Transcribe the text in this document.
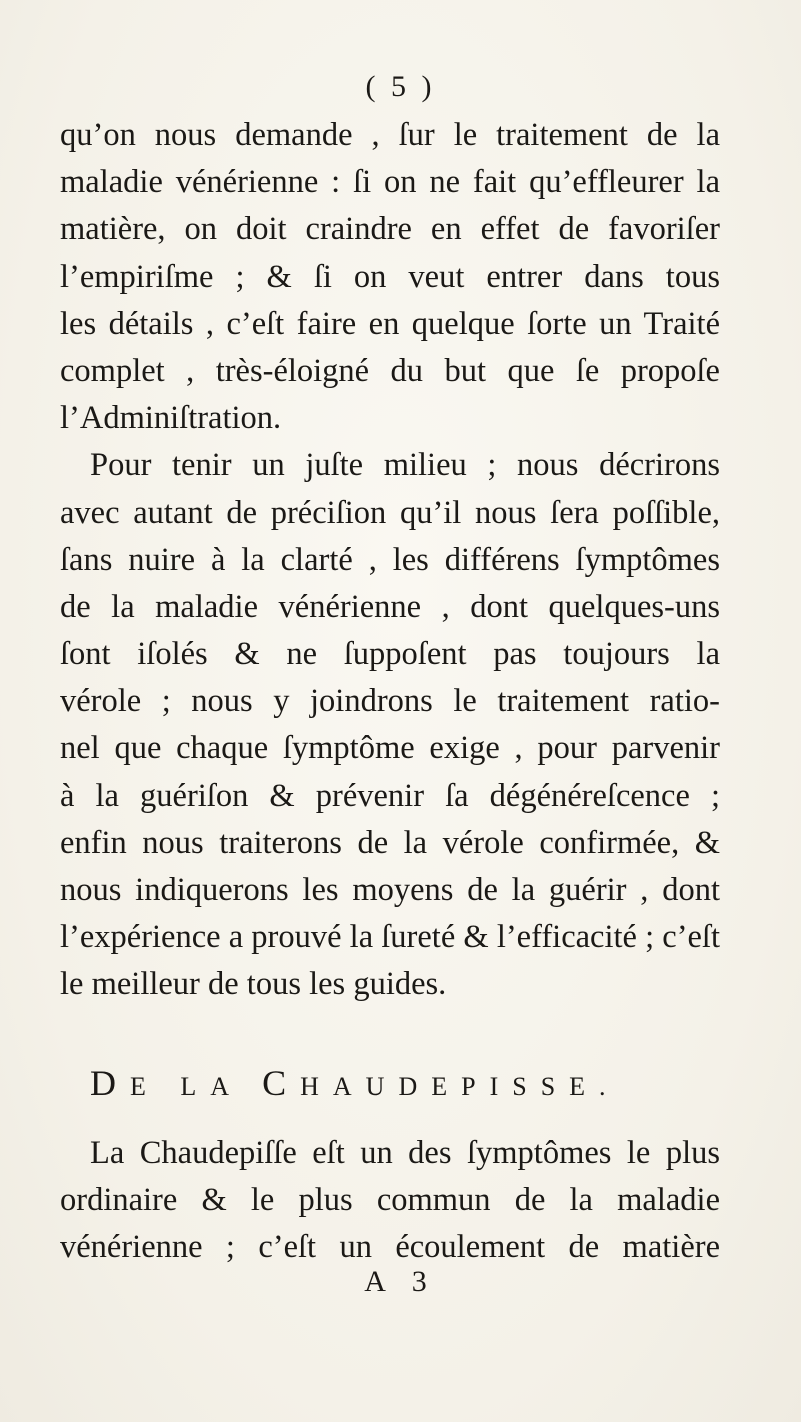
( 5 )
qu’on nous demande , ſur le traitement de la
maladie vénérienne : ſi on ne fait qu’effleurer la
matière, on doit craindre en effet de favoriſer
l’empiriſme ; & ſi on veut entrer dans tous
les détails , c’eſt faire en quelque ſorte un Traité
complet , très-éloigné du but que ſe propoſe
l’Adminiſtration.
Pour tenir un juſte milieu ; nous décrirons
avec autant de préciſion qu’il nous ſera poſſible,
ſans nuire à la clarté , les différens ſymptômes
de la maladie vénérienne , dont quelques-uns
ſont iſolés & ne ſuppoſent pas toujours la
vérole ; nous y joindrons le traitement ratio-
nel que chaque ſymptôme exige , pour parvenir
à la guériſon & prévenir ſa dégénéreſcence ;
enfin nous traiterons de la vérole confirmée, &
nous indiquerons les moyens de la guérir , dont
l’expérience a prouvé la ſureté & l’efficacité ; c’eſt
le meilleur de tous les guides.
DE LA CHAUDEPISSE.
La Chaudepiſſe eſt un des ſymptômes le plus
ordinaire & le plus commun de la maladie
vénérienne ; c’eſt un écoulement de matière
A 3
